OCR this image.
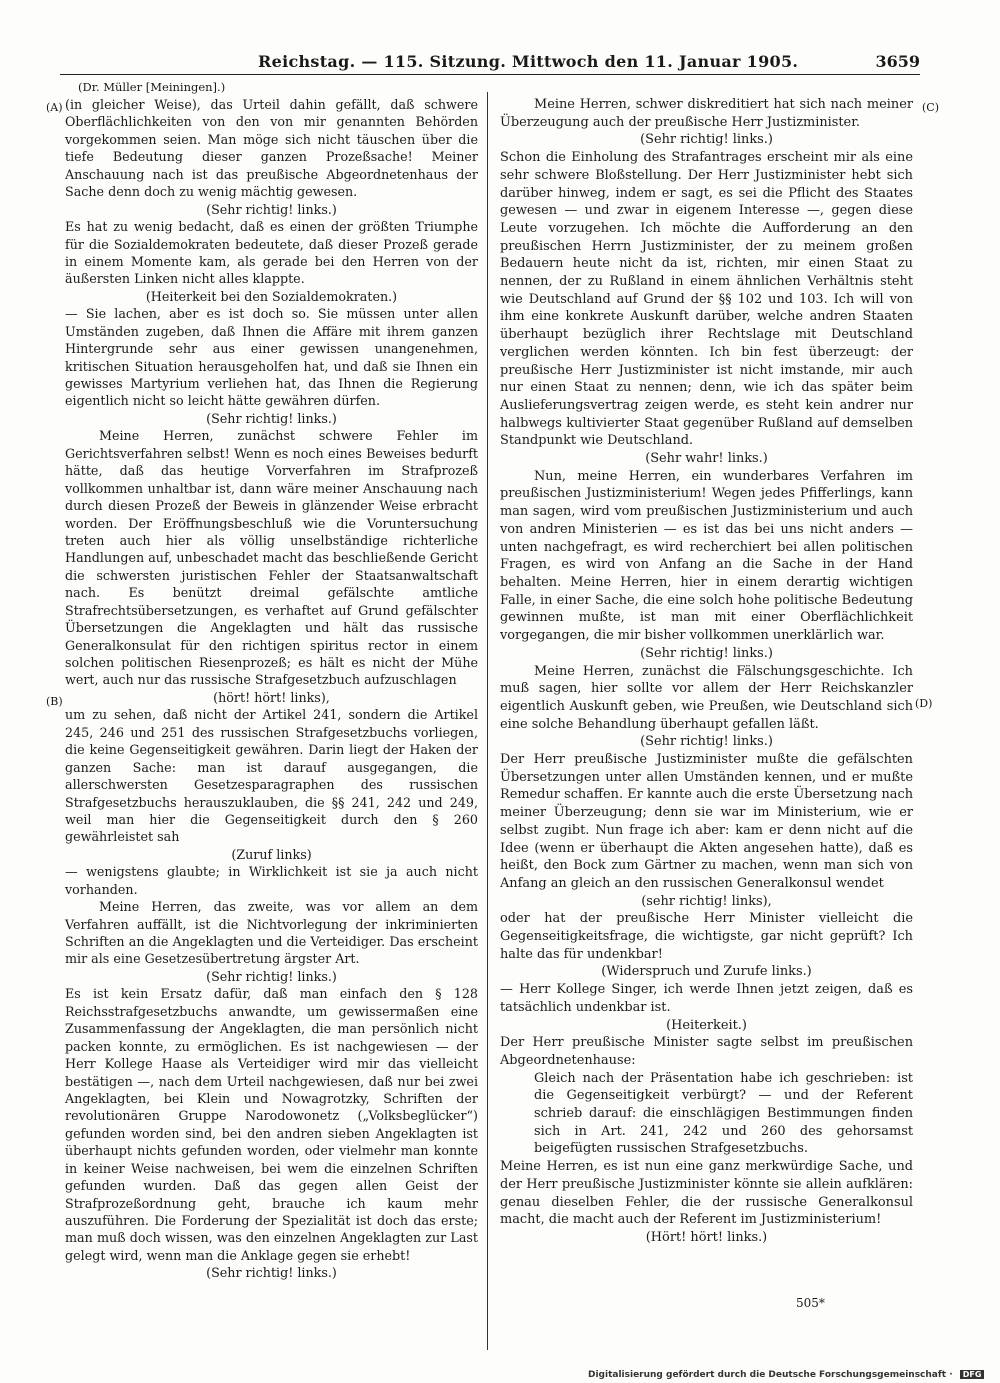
Reichstag. — 115. Sitzung. Mittwoch den 11. Januar 1905.	3659
(Dr. Müller [Meiningen].)
(A)
(B)
(C)
(D)

(in gleicher Weise), das Urteil dahin gefällt, daß schwere Oberflächlichkeiten von den von mir genannten Behörden vorgekommen seien. Man möge sich nicht täuschen über die tiefe Bedeutung dieser ganzen Prozeßsache! Meiner Anschauung nach ist das preußische Abgeordnetenhaus der Sache denn doch zu wenig mächtig gewesen.

(Sehr richtig! links.)

Es hat zu wenig bedacht, daß es einen der größten Triumphe für die Sozialdemokraten bedeutete, daß dieser Prozeß gerade in einem Momente kam, als gerade bei den Herren von der äußersten Linken nicht alles klappte.

(Heiterkeit bei den Sozialdemokraten.)

— Sie lachen, aber es ist doch so. Sie müssen unter allen Umständen zugeben, daß Ihnen die Affäre mit ihrem ganzen Hintergrunde sehr aus einer gewissen unangenehmen, kritischen Situation herausgeholfen hat, und daß sie Ihnen ein gewisses Martyrium verliehen hat, das Ihnen die Regierung eigentlich nicht so leicht hätte gewähren dürfen.

(Sehr richtig! links.)

Meine Herren, zunächst schwere Fehler im Gerichtsverfahren selbst! Wenn es noch eines Beweises bedurft hätte, daß das heutige Vorverfahren im Strafprozeß vollkommen unhaltbar ist, dann wäre meiner Anschauung nach durch diesen Prozeß der Beweis in glänzender Weise erbracht worden. Der Eröffnungsbeschluß wie die Voruntersuchung treten auch hier als völlig unselbständige richterliche Handlungen auf, unbeschadet macht das beschließende Gericht die schwersten juristischen Fehler der Staatsanwaltschaft nach. Es benützt dreimal gefälschte amtliche Strafrechtsübersetzungen, es verhaftet auf Grund gefälschter Übersetzungen die Angeklagten und hält das russische Generalkonsulat für den richtigen spiritus rector in einem solchen politischen Riesenprozeß; es hält es nicht der Mühe wert, auch nur das russische Strafgesetzbuch aufzuschlagen

(hört! hört! links),

um zu sehen, daß nicht der Artikel 241, sondern die Artikel 245, 246 und 251 des russischen Strafgesetzbuchs vorliegen, die keine Gegenseitigkeit gewähren. Darin liegt der Haken der ganzen Sache: man ist darauf ausgegangen, die allerschwersten Gesetzesparagraphen des russischen Strafgesetzbuchs herauszuklauben, die §§ 241, 242 und 249, weil man hier die Gegenseitigkeit durch den § 260 gewährleistet sah

(Zuruf links)

— wenigstens glaubte; in Wirklichkeit ist sie ja auch nicht vorhanden.

Meine Herren, das zweite, was vor allem an dem Verfahren auffällt, ist die Nichtvorlegung der inkriminierten Schriften an die Angeklagten und die Verteidiger. Das erscheint mir als eine Gesetzesübertretung ärgster Art.

(Sehr richtig! links.)

Es ist kein Ersatz dafür, daß man einfach den § 128 Reichsstrafgesetzbuchs anwandte, um gewissermaßen eine Zusammenfassung der Angeklagten, die man persönlich nicht packen konnte, zu ermöglichen. Es ist nachgewiesen — der Herr Kollege Haase als Verteidiger wird mir das vielleicht bestätigen —, nach dem Urteil nachgewiesen, daß nur bei zwei Angeklagten, bei Klein und Nowagrotzky, Schriften der revolutionären Gruppe Narodowonetz („Volksbeglücker“) gefunden worden sind, bei den andren sieben Angeklagten ist überhaupt nichts gefunden worden, oder vielmehr man konnte in keiner Weise nachweisen, bei wem die einzelnen Schriften gefunden wurden. Daß das gegen allen Geist der Strafprozeßordnung geht, brauche ich kaum mehr auszuführen. Die Forderung der Spezialität ist doch das erste; man muß doch wissen, was den einzelnen Angeklagten zur Last gelegt wird, wenn man die Anklage gegen sie erhebt!

(Sehr richtig! links.)

Meine Herren, schwer diskreditiert hat sich nach meiner Überzeugung auch der preußische Herr Justizminister.

(Sehr richtig! links.)

Schon die Einholung des Strafantrages erscheint mir als eine sehr schwere Bloßstellung. Der Herr Justizminister hebt sich darüber hinweg, indem er sagt, es sei die Pflicht des Staates gewesen — und zwar in eigenem Interesse —, gegen diese Leute vorzugehen. Ich möchte die Aufforderung an den preußischen Herrn Justizminister, der zu meinem großen Bedauern heute nicht da ist, richten, mir einen Staat zu nennen, der zu Rußland in einem ähnlichen Verhältnis steht wie Deutschland auf Grund der §§ 102 und 103. Ich will von ihm eine konkrete Auskunft darüber, welche andren Staaten überhaupt bezüglich ihrer Rechtslage mit Deutschland verglichen werden könnten. Ich bin fest überzeugt: der preußische Herr Justizminister ist nicht imstande, mir auch nur einen Staat zu nennen; denn, wie ich das später beim Auslieferungsvertrag zeigen werde, es steht kein andrer nur halbwegs kultivierter Staat gegenüber Rußland auf demselben Standpunkt wie Deutschland.

(Sehr wahr! links.)

Nun, meine Herren, ein wunderbares Verfahren im preußischen Justizministerium! Wegen jedes Pfifferlings, kann man sagen, wird vom preußischen Justizministerium und auch von andren Ministerien — es ist das bei uns nicht anders — unten nachgefragt, es wird recherchiert bei allen politischen Fragen, es wird von Anfang an die Sache in der Hand behalten. Meine Herren, hier in einem derartig wichtigen Falle, in einer Sache, die eine solch hohe politische Bedeutung gewinnen mußte, ist man mit einer Oberflächlichkeit vorgegangen, die mir bisher vollkommen unerklärlich war.

(Sehr richtig! links.)

Meine Herren, zunächst die Fälschungsgeschichte. Ich muß sagen, hier sollte vor allem der Herr Reichskanzler eigentlich Auskunft geben, wie Preußen, wie Deutschland sich eine solche Behandlung überhaupt gefallen läßt.

(Sehr richtig! links.)

Der Herr preußische Justizminister mußte die gefälschten Übersetzungen unter allen Umständen kennen, und er mußte Remedur schaffen. Er kannte auch die erste Übersetzung nach meiner Überzeugung; denn sie war im Ministerium, wie er selbst zugibt. Nun frage ich aber: kam er denn nicht auf die Idee (wenn er überhaupt die Akten angesehen hatte), daß es heißt, den Bock zum Gärtner zu machen, wenn man sich von Anfang an gleich an den russischen Generalkonsul wendet

(sehr richtig! links),

oder hat der preußische Herr Minister vielleicht die Gegenseitigkeitsfrage, die wichtigste, gar nicht geprüft? Ich halte das für undenkbar!

(Widerspruch und Zurufe links.)

— Herr Kollege Singer, ich werde Ihnen jetzt zeigen, daß es tatsächlich undenkbar ist.

(Heiterkeit.)

Der Herr preußische Minister sagte selbst im preußischen Abgeordnetenhause:

Gleich nach der Präsentation habe ich geschrieben: ist die Gegenseitigkeit verbürgt? — und der Referent schrieb darauf: die einschlägigen Bestimmungen finden sich in Art. 241, 242 und 260 des gehorsamst beigefügten russischen Strafgesetzbuchs.

Meine Herren, es ist nun eine ganz merkwürdige Sache, und der Herr preußische Justizminister könnte sie allein aufklären: genau dieselben Fehler, die der russische Generalkonsul macht, die macht auch der Referent im Justizministerium!

(Hört! hört! links.)

505*
Digitalisierung gefördert durch die Deutsche Forschungsgemeinschaft · DFG
